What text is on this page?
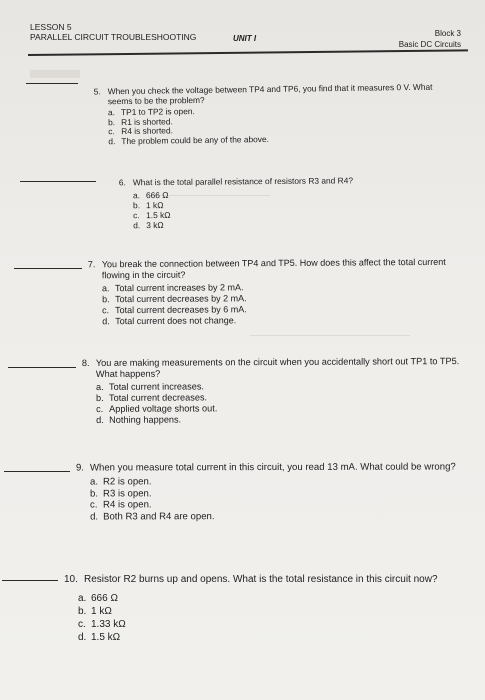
LESSON 5
PARALLEL CIRCUIT TROUBLESHOOTING	UNIT I
Block 3
Basic DC Circuits
5. When you check the voltage between TP4 and TP6, you find that it measures 0 V. What seems to be the problem?
a. TP1 to TP2 is open.
b. R1 is shorted.
c. R4 is shorted.
d. The problem could be any of the above.
6. What is the total parallel resistance of resistors R3 and R4?
a. 666 Ω
b. 1 kΩ
c. 1.5 kΩ
d. 3 kΩ
7. You break the connection between TP4 and TP5. How does this affect the total current flowing in the circuit?
a. Total current increases by 2 mA.
b. Total current decreases by 2 mA.
c. Total current decreases by 6 mA.
d. Total current does not change.
8. You are making measurements on the circuit when you accidentally short out TP1 to TP5. What happens?
a. Total current increases.
b. Total current decreases.
c. Applied voltage shorts out.
d. Nothing happens.
9. When you measure total current in this circuit, you read 13 mA. What could be wrong?
a. R2 is open.
b. R3 is open.
c. R4 is open.
d. Both R3 and R4 are open.
10. Resistor R2 burns up and opens. What is the total resistance in this circuit now?
a. 666 Ω
b. 1 kΩ
c. 1.33 kΩ
d. 1.5 kΩ
